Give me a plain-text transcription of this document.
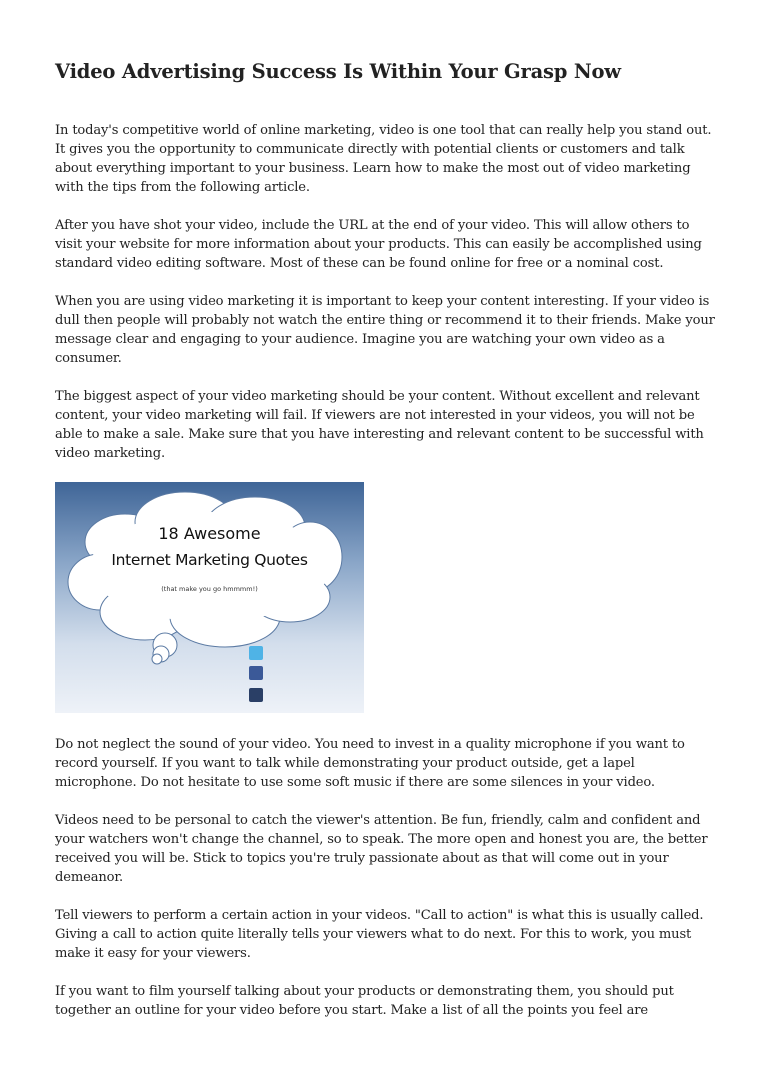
Video Advertising Success Is Within Your Grasp Now

In today's competitive world of online marketing, video is one tool that can really help you stand out.
It gives you the opportunity to communicate directly with potential clients or customers and talk
about everything important to your business. Learn how to make the most out of video marketing
with the tips from the following article.

After you have shot your video, include the URL at the end of your video. This will allow others to
visit your website for more information about your products. This can easily be accomplished using
standard video editing software. Most of these can be found online for free or a nominal cost.

When you are using video marketing it is important to keep your content interesting. If your video is
dull then people will probably not watch the entire thing or recommend it to their friends. Make your
message clear and engaging to your audience. Imagine you are watching your own video as a
consumer.

The biggest aspect of your video marketing should be your content. Without excellent and relevant
content, your video marketing will fail. If viewers are not interested in your videos, you will not be
able to make a sale. Make sure that you have interesting and relevant content to be successful with
video marketing.

18 Awesome
Internet Marketing Quotes
(that make you go hmmmm!)

Do not neglect the sound of your video. You need to invest in a quality microphone if you want to
record yourself. If you want to talk while demonstrating your product outside, get a lapel
microphone. Do not hesitate to use some soft music if there are some silences in your video.

Videos need to be personal to catch the viewer's attention. Be fun, friendly, calm and confident and
your watchers won't change the channel, so to speak. The more open and honest you are, the better
received you will be. Stick to topics you're truly passionate about as that will come out in your
demeanor.

Tell viewers to perform a certain action in your videos. "Call to action" is what this is usually called.
Giving a call to action quite literally tells your viewers what to do next. For this to work, you must
make it easy for your viewers.

If you want to film yourself talking about your products or demonstrating them, you should put
together an outline for your video before you start. Make a list of all the points you feel are
